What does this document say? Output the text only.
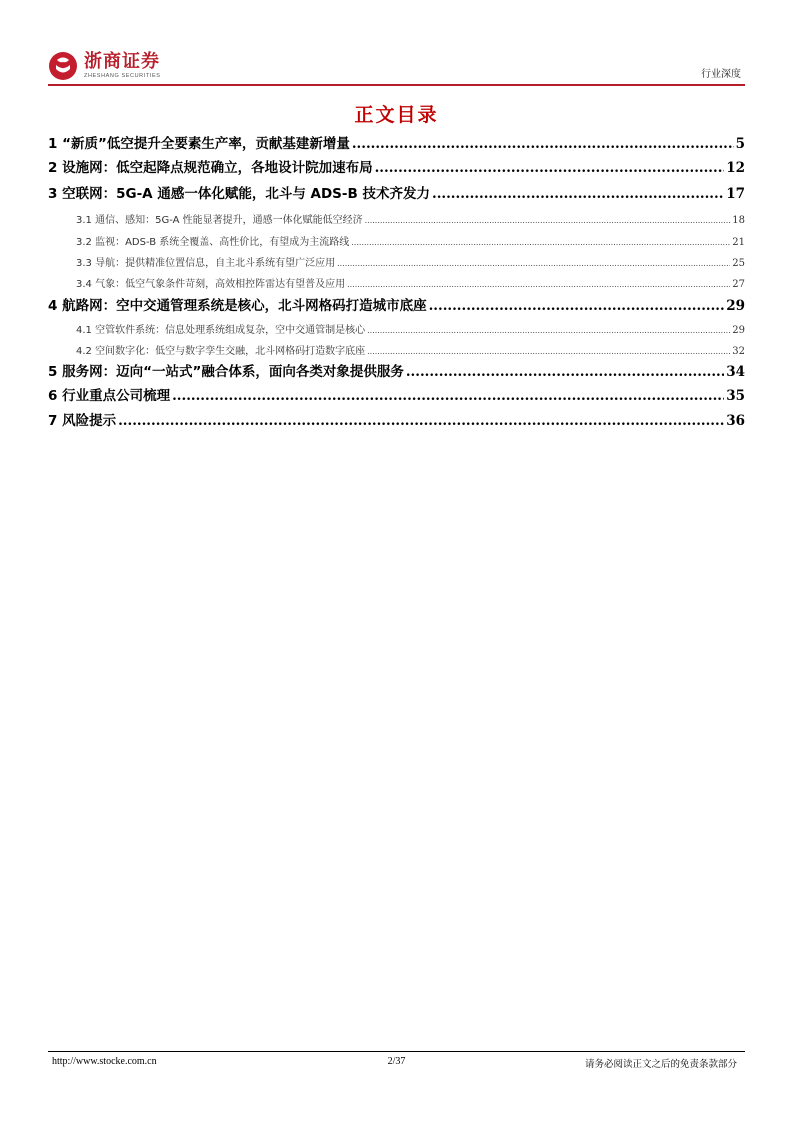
浙商证券
ZHESHANG SECURITIES	行业深度
正文目录
1 “新质”低空提升全要素生产率，贡献基建新增量 .....	5
2 设施网：低空起降点规范确立，各地设计院加速布局 .....	12
3 空联网：5G-A 通感一体化赋能，北斗与 ADS-B 技术齐发力 .....	17
3.1 通信、感知：5G-A 性能显著提升，通感一体化赋能低空经济 .....	18
3.2 监视：ADS-B 系统全覆盖、高性价比，有望成为主流路线 .....	21
3.3 导航：提供精准位置信息，自主北斗系统有望广泛应用 .....	25
3.4 气象：低空气象条件苛刻，高效相控阵雷达有望普及应用 .....	27
4 航路网：空中交通管理系统是核心，北斗网格码打造城市底座 .....	29
4.1 空管软件系统：信息处理系统组成复杂，空中交通管制是核心 .....	29
4.2 空间数字化：低空与数字孪生交融，北斗网格码打造数字底座 .....	32
5 服务网：迈向“一站式”融合体系，面向各类对象提供服务 .....	34
6 行业重点公司梳理 .....	35
7 风险提示 .....	36
http://www.stocke.com.cn	2/37	请务必阅读正文之后的免责条款部分
